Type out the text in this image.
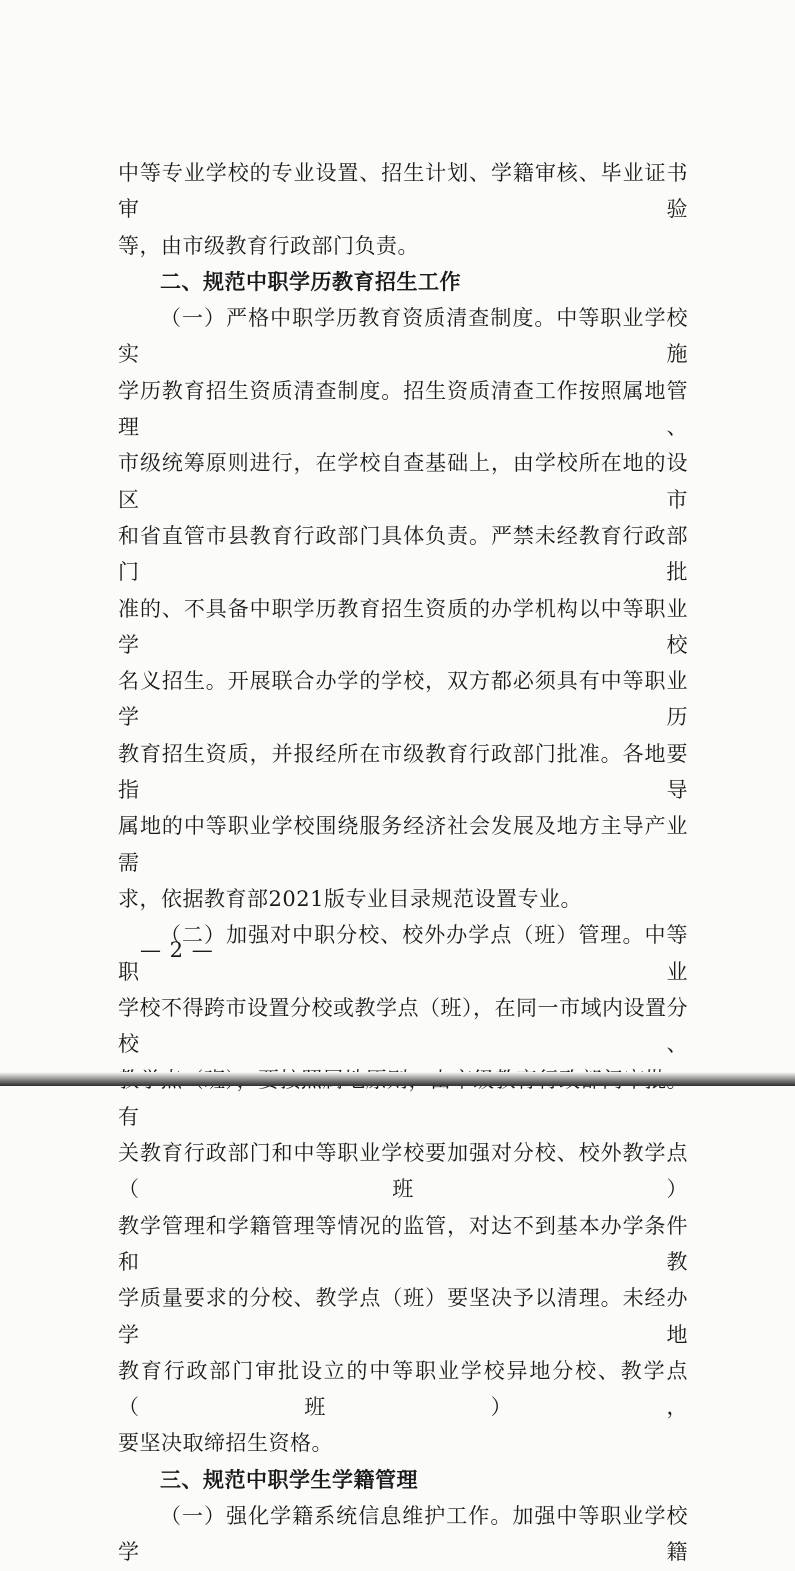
中等专业学校的专业设置、招生计划、学籍审核、毕业证书审验

等，由市级教育行政部门负责。

二、规范中职学历教育招生工作

（一）严格中职学历教育资质清查制度。中等职业学校实施

学历教育招生资质清查制度。招生资质清查工作按照属地管理、

市级统筹原则进行，在学校自查基础上，由学校所在地的设区市

和省直管市县教育行政部门具体负责。严禁未经教育行政部门批

准的、不具备中职学历教育招生资质的办学机构以中等职业学校

名义招生。开展联合办学的学校，双方都必须具有中等职业学历

教育招生资质，并报经所在市级教育行政部门批准。各地要指导

属地的中等职业学校围绕服务经济社会发展及地方主导产业需

求，依据教育部2021版专业目录规范设置专业。

（二）加强对中职分校、校外办学点（班）管理。中等职业

学校不得跨市设置分校或教学点（班），在同一市域内设置分校、

有

关教育行政部门和中等职业学校要加强对分校、校外教学点（班）

教学管理和学籍管理等情况的监管，对达不到基本办学条件和教

学质量要求的分校、教学点（班）要坚决予以清理。未经办学地

教育行政部门审批设立的中等职业学校异地分校、教学点（班），

要坚决取缔招生资格。

三、规范中职学生学籍管理

（一）强化学籍系统信息维护工作。加强中等职业学校学籍

— 2 —
